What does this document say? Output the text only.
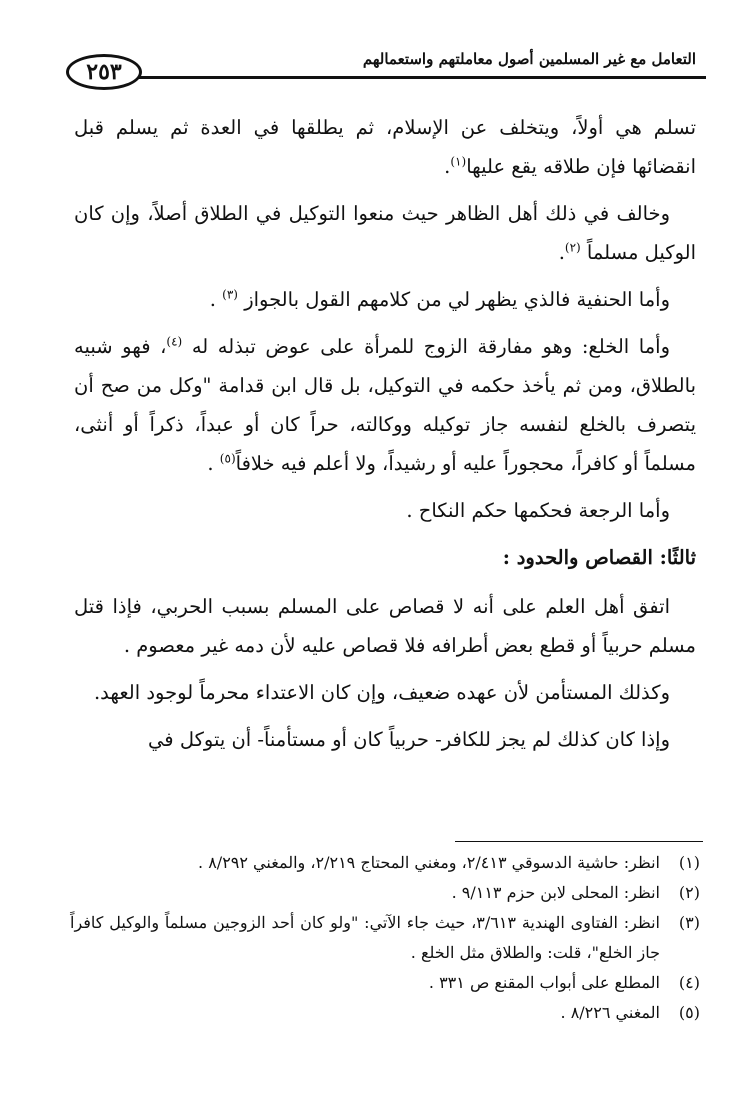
التعامل مع غير المسلمين أصول معاملتهم واستعمالهم
٢٥٣

تسلم هي أولاً، ويتخلف عن الإسلام، ثم يطلقها في العدة ثم يسلم قبل انقضائها فإن طلاقه يقع عليها$^{(١)}$.

وخالف في ذلك أهل الظاهر حيث منعوا التوكيل في الطلاق أصلاً، وإن كان الوكيل مسلماً $^{(٢)}$.

وأما الحنفية فالذي يظهر لي من كلامهم القول بالجواز $^{(٣)}$ .

وأما الخلع: وهو مفارقة الزوج للمرأة على عوض تبذله له $^{(٤)}$، فهو شبيه بالطلاق، ومن ثم يأخذ حكمه في التوكيل، بل قال ابن قدامة "وكل من صح أن يتصرف بالخلع لنفسه جاز توكيله ووكالته، حراً كان أو عبداً، ذكراً أو أنثى، مسلماً أو كافراً، محجوراً عليه أو رشيداً، ولا أعلم فيه خلافاً$^{(٥)}$ .

وأما الرجعة فحكمها حكم النكاح .

ثالثًا: القصاص والحدود :

اتفق أهل العلم على أنه لا قصاص على المسلم بسبب الحربي، فإذا قتل مسلم حربياً أو قطع بعض أطرافه فلا قصاص عليه لأن دمه غير معصوم .

وكذلك المستأمن لأن عهده ضعيف، وإن كان الاعتداء محرماً لوجود العهد.

وإذا كان كذلك لم يجز للكافر- حربياً كان أو مستأمناً- أن يتوكل في

(١)
انظر: حاشية الدسوقي ٢/٤١٣، ومغني المحتاج ٢/٢١٩، والمغني ٨/٢٩٢ .
(٢)
انظر: المحلى لابن حزم ٩/١١٣ .
(٣)
انظر: الفتاوى الهندية ٣/٦١٣، حيث جاء الآتي: "ولو كان أحد الزوجين مسلماً والوكيل كافراً جاز الخلع"، قلت: والطلاق مثل الخلع .
(٤)
المطلع على أبواب المقنع ص ٣٣١ .
(٥)
المغني ٨/٢٢٦ .
